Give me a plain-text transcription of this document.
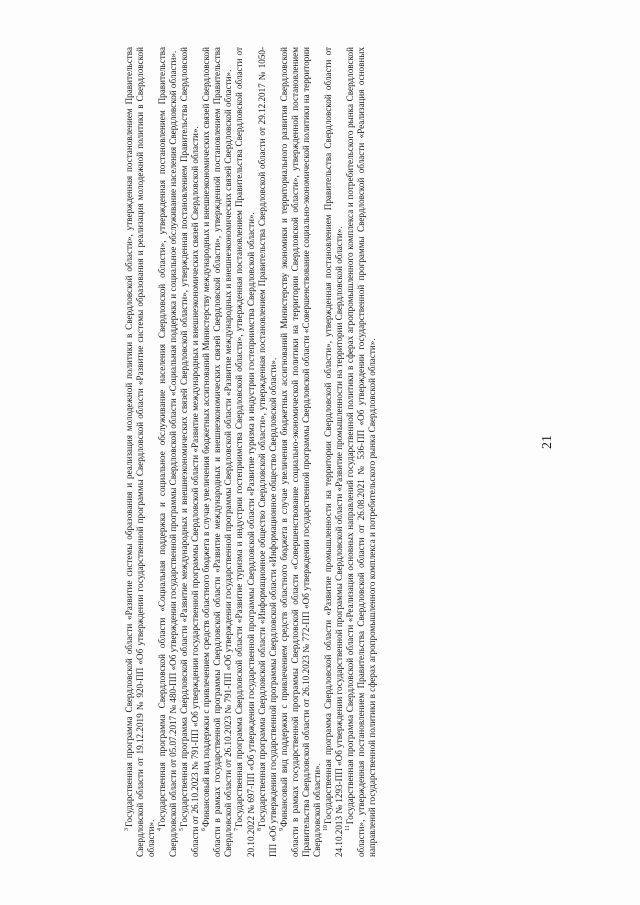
21

$^3$Государственная программа Свердловской области «Развитие системы образования и реализация молодежной политики в Свердловской области», утвержденная постановлением Правительства Свердловской области от 19.12.2019 № 920-ПП «Об утверждении государственной программы Свердловской области «Развитие системы образования и реализация молодежной политики в Свердловской области». $^4$Государственная программа Свердловской области «Социальная поддержка и социальное обслуживание населения Свердловской области», утвержденная постановлением Правительства Свердловской области от 05.07.2017 № 480-ПП «Об утверждении государственной программы Свердловской области «Социальная поддержка и социальное обслуживание населения Свердловской области». $^5$Государственная программа Свердловской области «Развитие международных и внешнеэкономических связей Свердловской области», утвержденная постановлением Правительства Свердловской области от 26.10.2023 № 791-ПП «Об утверждении государственной программы Свердловской области «Развитие международных и внешнеэкономических связей Свердловской области». $^6$Финансовый вид поддержки с привлечением средств областного бюджета в случае увеличения бюджетных ассигнований Министерству международных и внешнеэкономических связей Свердловской области в рамках государственной программы Свердловской области «Развитие международных и внешнеэкономических связей Свердловской области», утвержденной постановлением Правительства Свердловской области от 26.10.2023 № 791-ПП «Об утверждении государственной программы Свердловской области «Развитие международных и внешнеэкономических связей Свердловской области». $^7$Государственная программа Свердловской области «Развитие туризма и индустрии гостеприимства Свердловской области», утвержденная постановлением Правительства Свердловской области от 20.10.2022 № 697-ПП «Об утверждении государственной программы Свердловской области «Развитие туризма и индустрии гостеприимства Свердловской области». $^8$Государственная программа Свердловской области «Информационное общество Свердловской области», утвержденная постановлением Правительства Свердловской области от 29.12.2017 № 1050-ПП «Об утверждении государственной программы Свердловской области «Информационное общество Свердловской области». $^9$Финансовый вид поддержки с привлечением средств областного бюджета в случае увеличения бюджетных ассигнований Министерству экономики и территориального развития Свердловской области в рамках государственной программы Свердловской области «Совершенствование социально-экономической политики на территории Свердловской области», утвержденной постановлением Правительства Свердловской области от 26.10.2023 № 772-ПП «Об утверждении государственной программы Свердловской области «Совершенствование социально-экономической политики на территории Свердловской области». $^{10}$Государственная программа Свердловской области «Развитие промышленности на территории Свердловской области», утвержденная постановлением Правительства Свердловской области от 24.10.2013 № 1293-ПП «Об утверждении государственной программы Свердловской области «Развитие промышленности на территории Свердловской области». $^{11}$Государственная программа Свердловской области «Реализация основных направлений государственной политики в сферах агропромышленного комплекса и потребительского рынка Свердловской области», утвержденная постановлением Правительства Свердловской области от 26.08.2021 № 536-ПП «Об утверждении государственной программы Свердловской области «Реализация основных направлений государственной политики в сферах агропромышленного комплекса и потребительского рынка Свердловской области».
